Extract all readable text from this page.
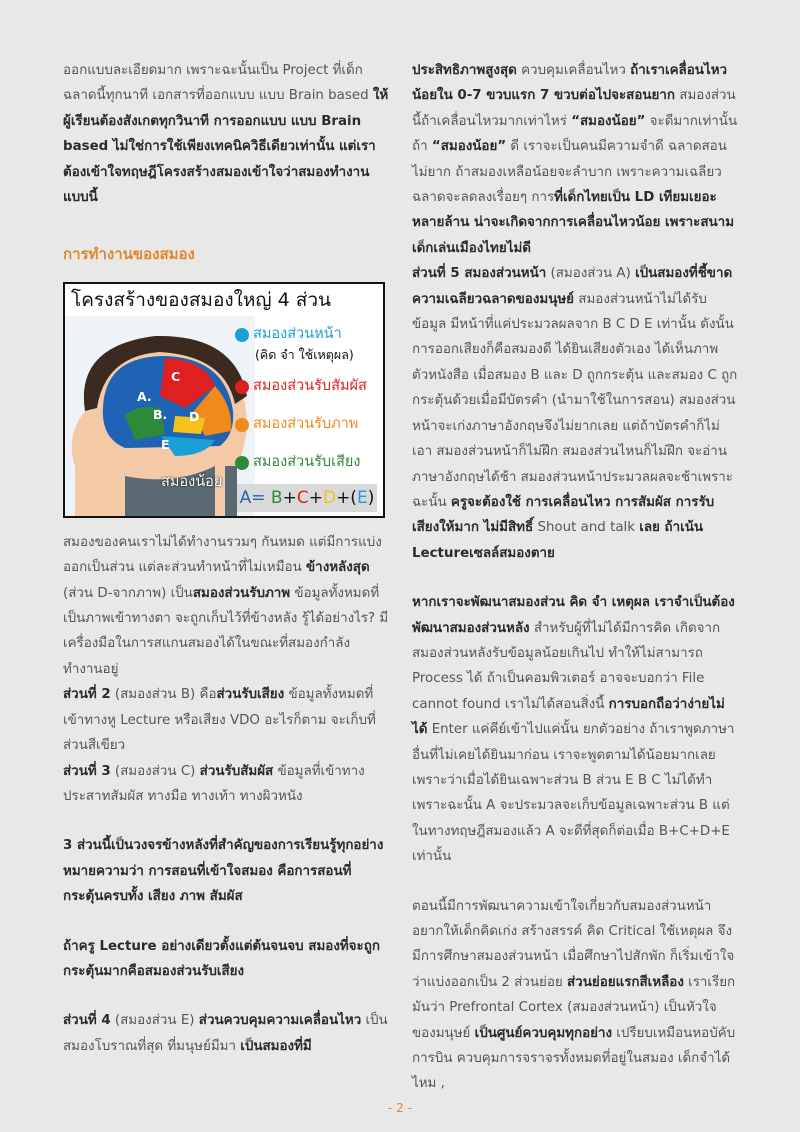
ออกแบบละเอียดมาก เพราะฉะนั้นเป็น Project ที่เด็กฉลาดนี้ทุกนาที เอกสารที่ออกแบบ แบบ Brain based ให้ผู้เรียนต้องสังเกตทุกวินาที การออกแบบ แบบ Brain based ไม่ใช่การใช้เพียงเทคนิควิธีเดียวเท่านั้น แต่เราต้องเข้าใจทฤษฎีโครงสร้างสมองเข้าใจว่าสมองทำงานแบบนี้

การทำงานของสมอง
โครงสร้างของสมองใหญ่ 4 ส่วน
A.
C
B. D
E
สมองส่วนหน้า
(คิด จำ ใช้เหตุผล)
สมองส่วนรับสัมผัส
สมองส่วนรับภาพ
สมองส่วนรับเสียง
สมองน้อย
A= B+C+D+(E)

สมองของคนเราไม่ได้ทำงานรวมๆ กันหมด แต่มีการแบ่งออกเป็นส่วน แต่ละส่วนทำหน้าที่ไม่เหมือน ข้างหลังสุด (ส่วน D-จากภาพ) เป็นสมองส่วนรับภาพ ข้อมูลทั้งหมดที่เป็นภาพเข้าทางตา จะถูกเก็บไว้ที่ข้างหลัง รู้ได้อย่างไร? มีเครื่องมือในการสแกนสมองได้ในขณะที่สมองกำลังทำงานอยู่

ส่วนที่ 2 (สมองส่วน B) คือส่วนรับเสียง ข้อมูลทั้งหมดที่เข้าทางหู Lecture หรือเสียง VDO อะไรก็ตาม จะเก็บที่ส่วนสีเขียว

ส่วนที่ 3 (สมองส่วน C) ส่วนรับสัมผัส ข้อมูลที่เข้าทางประสาทสัมผัส ทางมือ ทางเท้า ทางผิวหนัง

3 ส่วนนี้เป็นวงจรข้างหลังที่สำคัญของการเรียนรู้ทุกอย่าง หมายความว่า การสอนที่เข้าใจสมอง คือการสอนที่กระตุ้นครบทั้ง เสียง ภาพ สัมผัส

ถ้าครู Lecture อย่างเดียวตั้งแต่ต้นจนจบ สมองที่จะถูกกระตุ้นมากคือสมองส่วนรับเสียง

ส่วนที่ 4 (สมองส่วน E) ส่วนควบคุมความเคลื่อนไหว เป็นสมองโบราณที่สุด ที่มนุษย์มีมา เป็นสมองที่มี

ประสิทธิภาพสูงสุด ควบคุมเคลื่อนไหว ถ้าเราเคลื่อนไหวน้อยใน 0-7 ขวบแรก 7 ขวบต่อไปจะสอนยาก สมองส่วนนี้ถ้าเคลื่อนไหวมากเท่าไหร่ “สมองน้อย” จะดีมากเท่านั้น ถ้า “สมองน้อย” ดี เราจะเป็นคนมีความจำดี ฉลาดสอนไม่ยาก ถ้าสมองเหลือน้อยจะลำบาก เพราะความเฉลียวฉลาดจะลดลงเรื่อยๆ การที่เด็กไทยเป็น LD เทียมเยอะหลายล้าน น่าจะเกิดจากการเคลื่อนไหวน้อย เพราะสนามเด็กเล่นเมืองไทยไม่ดี

ส่วนที่ 5 สมองส่วนหน้า (สมองส่วน A) เป็นสมองที่ชี้ขาดความเฉลียวฉลาดของมนุษย์ สมองส่วนหน้าไม่ได้รับข้อมูล มีหน้าที่แค่ประมวลผลจาก B C D E เท่านั้น ดังนั้นการออกเสียงก็คือสมองดี ได้ยินเสียงตัวเอง ได้เห็นภาพ ตัวหนังสือ เมื่อสมอง B และ D ถูกกระตุ้น และสมอง C ถูกกระตุ้นด้วยเมื่อมีบัตรคำ (นำมาใช้ในการสอน) สมองส่วนหน้าจะเก่งภาษาอังกฤษจึงไม่ยากเลย แต่ถ้าบัตรคำก็ไม่เอา สมองส่วนหน้าก็ไม่ฝึก สมองส่วนไหนก็ไม่ฝึก จะอ่านภาษาอังกฤษได้ช้า สมองส่วนหน้าประมวลผลจะช้าเพราะฉะนั้น ครูจะต้องใช้ การเคลื่อนไหว การสัมผัส การรับเสียงให้มาก ไม่มีสิทธิ์ Shout and talk เลย ถ้าเน้น Lectureเซลล์สมองตาย

หากเราจะพัฒนาสมองส่วน คิด จำ เหตุผล เราจำเป็นต้องพัฒนาสมองส่วนหลัง สำหรับผู้ที่ไม่ได้มีการคิด เกิดจากสมองส่วนหลังรับข้อมูลน้อยเกินไป ทำให้ไม่สามารถ Process ได้ ถ้าเป็นคอมพิวเตอร์ อาจจะบอกว่า File cannot found เราไม่ได้สอนสิ่งนี้ การบอกถือว่าง่ายไม่ได้ Enter แค่คีย์เข้าไปแค่นั้น ยกตัวอย่าง ถ้าเราพูดภาษาอื่นที่ไม่เคยได้ยินมาก่อน เราจะพูดตามได้น้อยมากเลย เพราะว่าเมื่อได้ยินเฉพาะส่วน B ส่วน E B C ไม่ได้ทำ เพราะฉะนั้น A จะประมวลจะเก็บข้อมูลเฉพาะส่วน B แต่ในทางทฤษฎีสมองแล้ว A จะดีที่สุดก็ต่อเมื่อ B+C+D+E เท่านั้น

ตอนนี้มีการพัฒนาความเข้าใจเกี่ยวกับสมองส่วนหน้าอยากให้เด็กคิดเก่ง สร้างสรรค์ คิด Critical ใช้เหตุผล จึงมีการศึกษาสมองส่วนหน้า เมื่อศึกษาไปสักพัก ก็เริ่มเข้าใจว่าแบ่งออกเป็น 2 ส่วนย่อย ส่วนย่อยแรกสีเหลือง เราเรียกมันว่า Prefrontal Cortex (สมองส่วนหน้า) เป็นหัวใจของมนุษย์ เป็นศูนย์ควบคุมทุกอย่าง เปรียบเหมือนหอบัคับการบิน ควบคุมการจราจรทั้งหมดที่อยู่ในสมอง เด็กจำได้ไหม ,

- 2 -
